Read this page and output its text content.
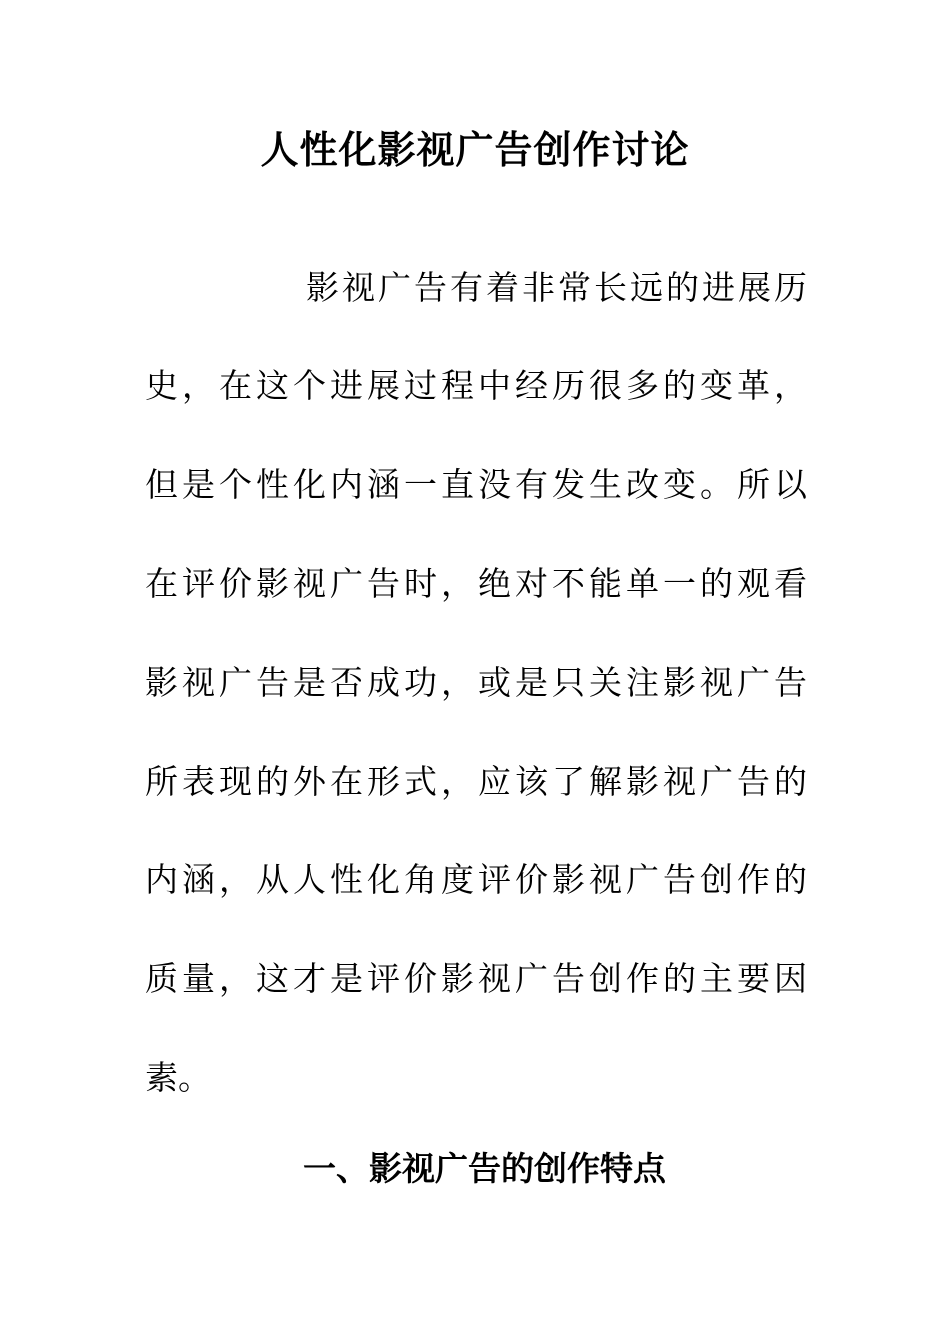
人性化影视广告创作讨论

影 视 广 告 有 着 非 常 长 远 的 进 展 历

史 ， 在 这 个 进 展 过 程 中 经 历 很 多 的 变 革 ，

但 是 个 性 化 内 涵 一 直 没 有 发 生 改 变 。 所 以

在 评 价 影 视 广 告 时 ， 绝 对 不 能 单 一 的 观 看

影 视 广 告 是 否 成 功 ， 或 是 只 关 注 影 视 广 告

所 表 现 的 外 在 形 式 ， 应 该 了 解 影 视 广 告 的

内 涵 ， 从 人 性 化 角 度 评 价 影 视 广 告 创 作 的

质 量 ， 这 才 是 评 价 影 视 广 告 创 作 的 主 要 因

素。

一、影视广告的创作特点
